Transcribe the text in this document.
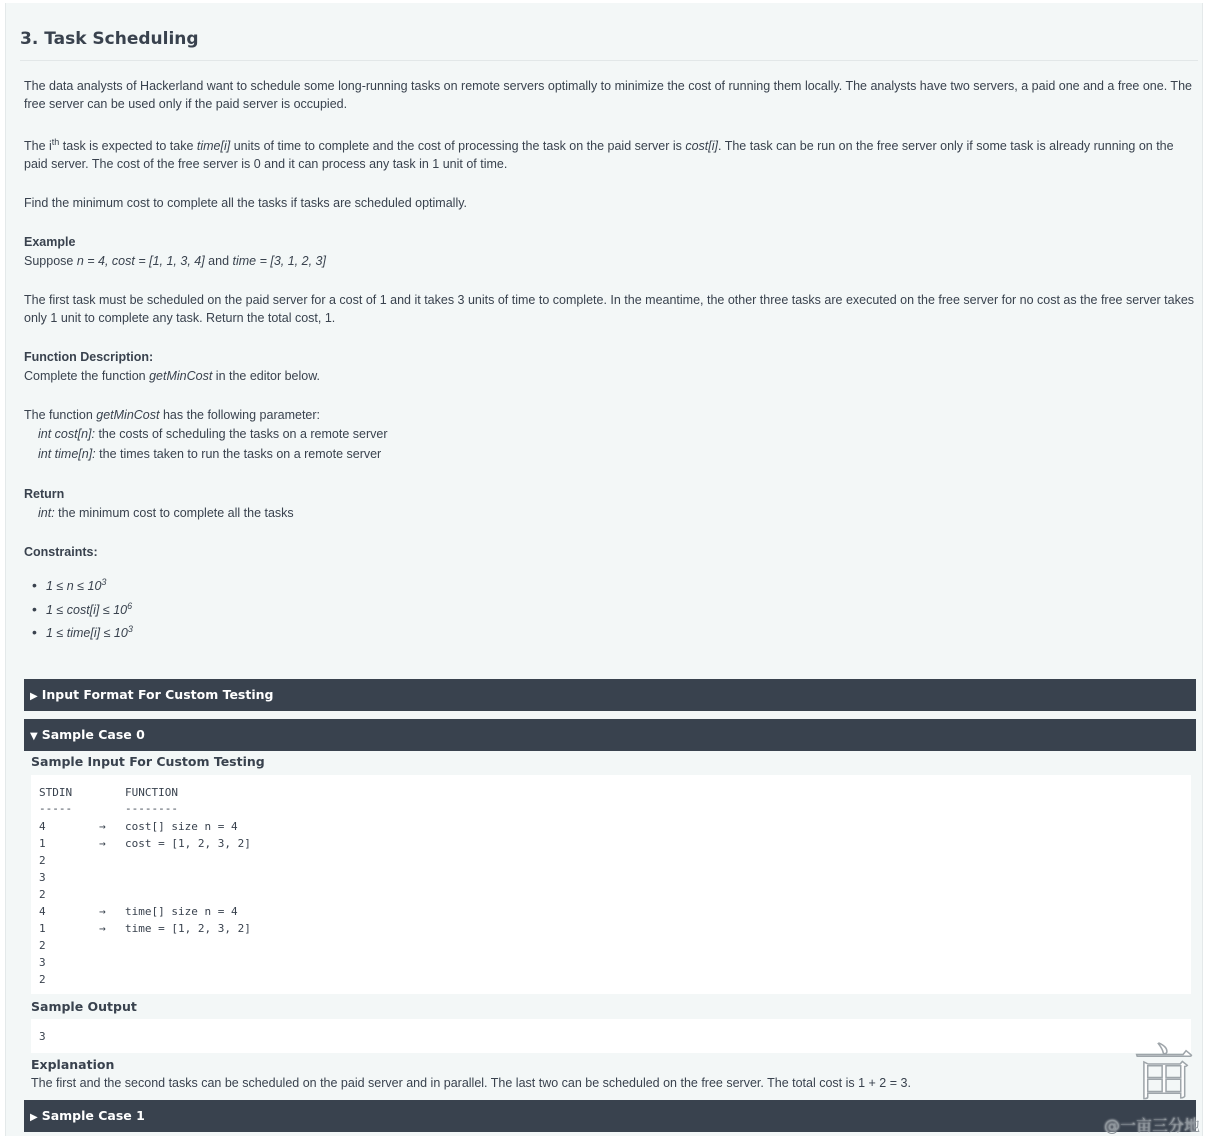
3. Task Scheduling

The data analysts of Hackerland want to schedule some long-running tasks on remote servers optimally to minimize the cost of running them locally. The analysts have two servers, a paid one and a free one. The free server can be used only if the paid server is occupied.

The $i^{th}$ task is expected to take time[i] units of time to complete and the cost of processing the task on the paid server is cost[i]. The task can be run on the free server only if some task is already running on the paid server. The cost of the free server is 0 and it can process any task in 1 unit of time.

Find the minimum cost to complete all the tasks if tasks are scheduled optimally.

Example

Suppose n = 4, cost = [1, 1, 3, 4] and time = [3, 1, 2, 3]

The first task must be scheduled on the paid server for a cost of 1 and it takes 3 units of time to complete. In the meantime, the other three tasks are executed on the free server for no cost as the free server takes only 1 unit to complete any task. Return the total cost, 1.

Function Description:

Complete the function getMinCost in the editor below.

The function getMinCost has the following parameter:

int cost[n]: the costs of scheduling the tasks on a remote server

int time[n]: the times taken to run the tasks on a remote server

Return

int: the minimum cost to complete all the tasks

Constraints:
• $1 \le n \le 10^3$
• $1 \le \cos t[i] \le 10^6$
• 1 ≤ time[i] ≤ $10^3$
▶ Input Format For Custom Testing
▼ Sample Case 0
Sample Input For Custom Testing
STDIN	FUNCTION
-----	--------
4	→ cost[] size n = 4
1	→ cost = [1, 2, 3, 2]
2
3
2
4	→ time[] size n = 4
1	→ time = [1, 2, 3, 2]
2
3
2
Sample Output
3
Explanation
The first and the second tasks can be scheduled on the paid server and in parallel. The last two can be scheduled on the free server. The total cost is 1 + 2 = 3.
▶ Sample Case 1
亩
@一亩三分地
